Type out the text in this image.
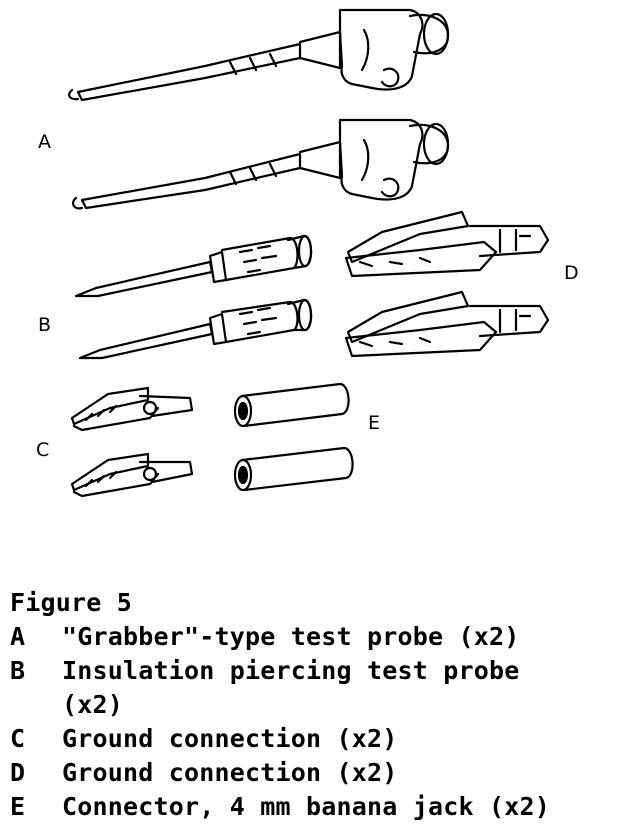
A
B
C
D
E
Figure 5
A	"Grabber"-type test probe (x2)
B	Insulation piercing test probe
(x2)
C	Ground connection (x2)
D	Ground connection (x2)
E	Connector, 4 mm banana jack (x2)
